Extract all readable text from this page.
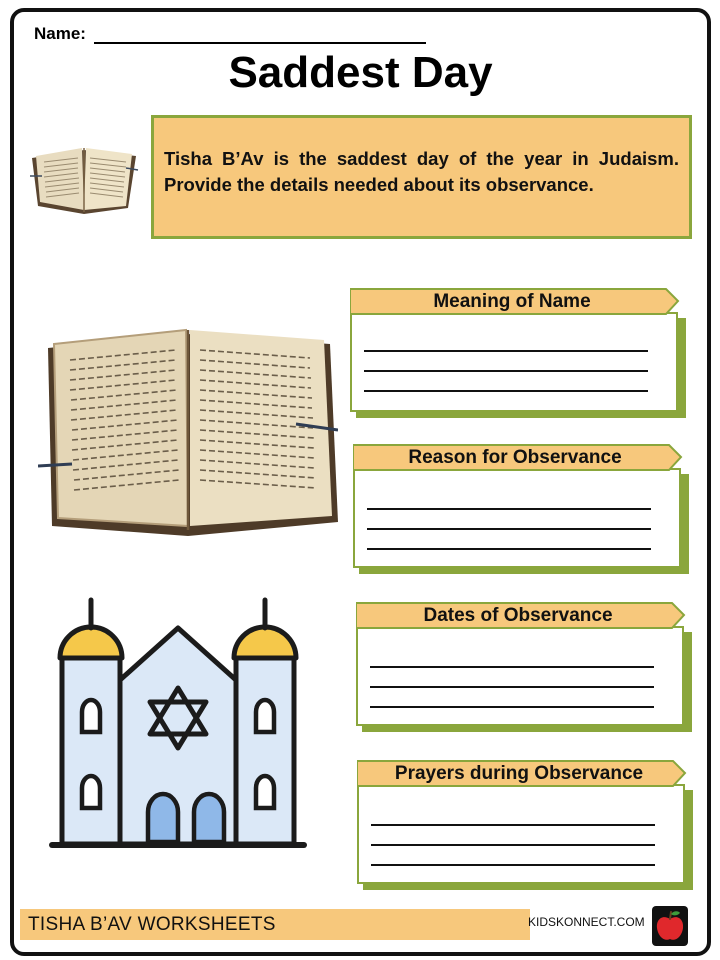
Name:
Saddest Day
Tisha B’Av is the saddest day of the year in Judaism. Provide the details needed about its observance.
Meaning of Name
Reason for Observance
Dates of Observance
Prayers during Observance
TISHA B’AV WORKSHEETS	KIDSKONNECT.COM
